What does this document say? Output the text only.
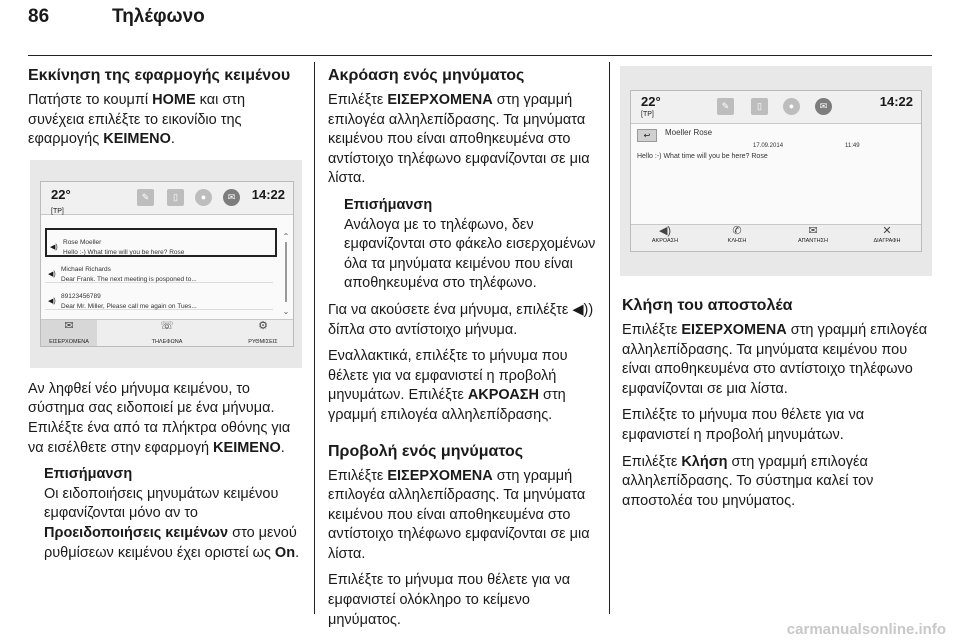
86	Τηλέφωνο
Εκκίνηση της εφαρμογής κειμένου

Πατήστε το κουμπί HOME και στη συνέχεια επιλέξτε το εικονίδιο της εφαρμογής ΚΕΙΜΕΝΟ.

22°
[TP]
✎	▯	●	✉	14:22
◀)
Rose Moeller
Hello :-) What time will you be here? Rose
◀)
Michael Richards
Dear Frank. The next meeting is posponed to...
◀)
89123456789
Dear Mr. Miller, Please call me again on Tues...
⌃
⌄
✉
ΕΙΣΕΡΧΟΜΕΝΑ
☏
ΤΗΛΕΦΩΝΑ
⚙
ΡΥΘΜΙΣΕΙΣ

Αν ληφθεί νέο μήνυμα κειμένου, το σύστημα σας ειδοποιεί με ένα μήνυμα. Επιλέξτε ένα από τα πλήκτρα οθόνης για να εισέλθετε στην εφαρμογή ΚΕΙΜΕΝΟ.

Επισήμανση
Οι ειδοποιήσεις μηνυμάτων κειμένου εμφανίζονται μόνο αν το Προειδοποιήσεις κειμένων στο μενού ρυθμίσεων κειμένου έχει οριστεί ως On.
Ακρόαση ενός μηνύματος

Επιλέξτε ΕΙΣΕΡΧΟΜΕΝΑ στη γραμμή επιλογέα αλληλεπίδρασης. Τα μηνύματα κειμένου που είναι αποθηκευμένα στο αντίστοιχο τηλέφωνο εμφανίζονται σε μια λίστα.

Επισήμανση
Ανάλογα με το τηλέφωνο, δεν εμφανίζονται στο φάκελο εισερχομένων όλα τα μηνύματα κειμένου που είναι αποθηκευμένα στο τηλέφωνο.

Για να ακούσετε ένα μήνυμα, επιλέξτε ◀)) δίπλα στο αντίστοιχο μήνυμα.

Εναλλακτικά, επιλέξτε το μήνυμα που θέλετε για να εμφανιστεί η προβολή μηνυμάτων. Επιλέξτε ΑΚΡΟΑΣΗ στη γραμμή επιλογέα αλληλεπίδρασης.

Προβολή ενός μηνύματος

Επιλέξτε ΕΙΣΕΡΧΟΜΕΝΑ στη γραμμή επιλογέα αλληλεπίδρασης. Τα μηνύματα κειμένου που είναι αποθηκευμένα στο αντίστοιχο τηλέφωνο εμφανίζονται σε μια λίστα.

Επιλέξτε το μήνυμα που θέλετε για να εμφανιστεί ολόκληρο το κείμενο μηνύματος.

22°
[TP]
✎	▯	●	✉	14:22
↩	Moeller Rose
17.09.2014	11:49
Hello :-) What time will you be here? Rose
◀)
ΑΚΡΟΑΣΗ
✆
ΚΛΗΣΗ
✉
ΑΠΑΝΤΗΣΗ
✕
ΔΙΑΓΡΑΦΗ
Κλήση του αποστολέα

Επιλέξτε ΕΙΣΕΡΧΟΜΕΝΑ στη γραμμή επιλογέα αλληλεπίδρασης. Τα μηνύματα κειμένου που είναι αποθηκευμένα στο αντίστοιχο τηλέφωνο εμφανίζονται σε μια λίστα.

Επιλέξτε το μήνυμα που θέλετε για να εμφανιστεί η προβολή μηνυμάτων.

Επιλέξτε Κλήση στη γραμμή επιλογέα αλληλεπίδρασης. Το σύστημα καλεί τον αποστολέα του μηνύματος.

carmanualsonline.info
